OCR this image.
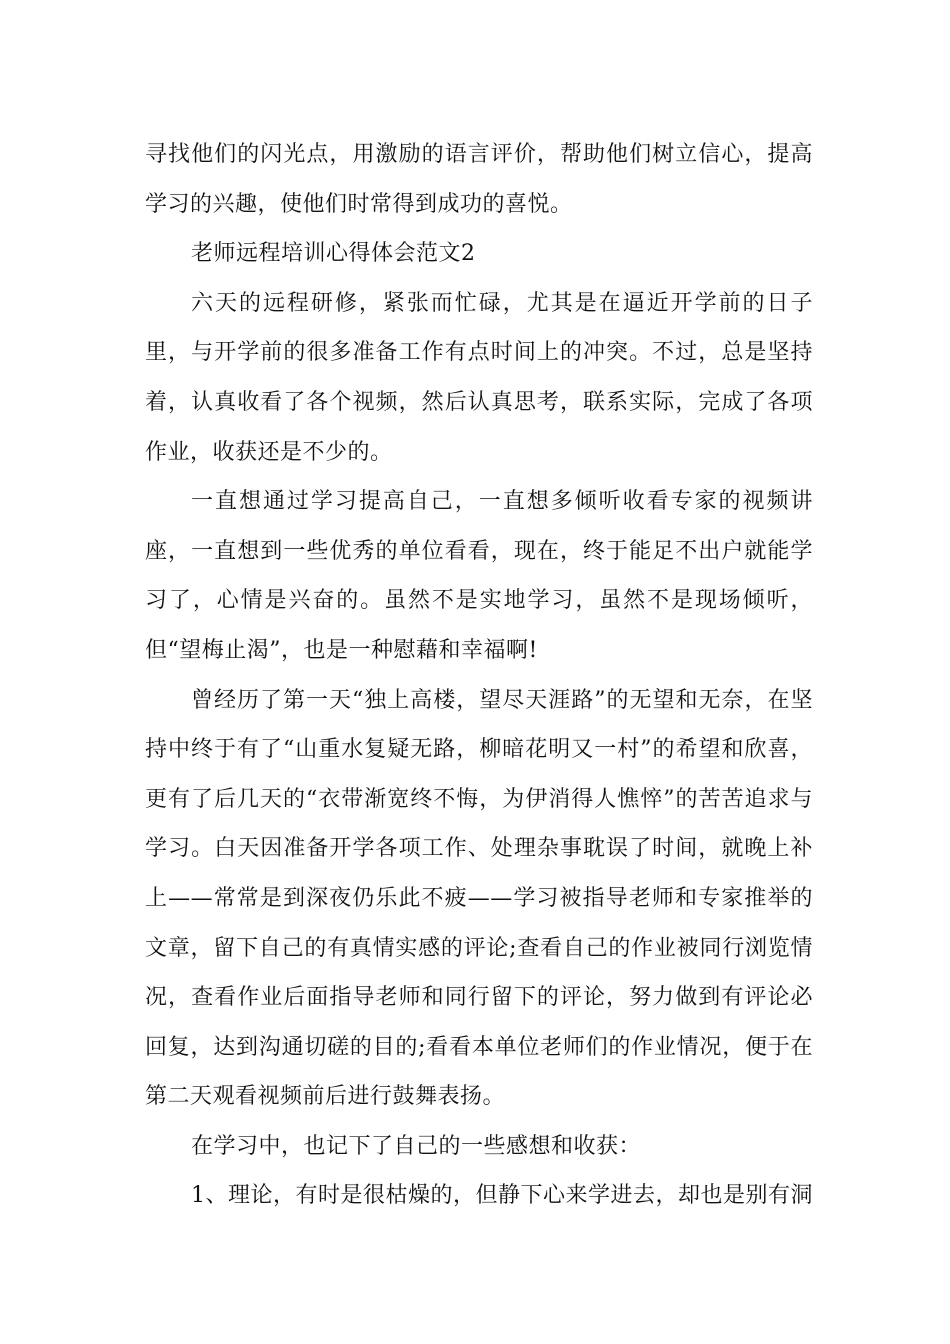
寻找他们的闪光点，用激励的语言评价，帮助他们树立信心，提高学习的兴趣，使他们时常得到成功的喜悦。

老师远程培训心得体会范文2

六天的远程研修，紧张而忙碌，尤其是在逼近开学前的日子里，与开学前的很多准备工作有点时间上的冲突。不过，总是坚持着，认真收看了各个视频，然后认真思考，联系实际，完成了各项作业，收获还是不少的。

一直想通过学习提高自己，一直想多倾听收看专家的视频讲座，一直想到一些优秀的单位看看，现在，终于能足不出户就能学习了，心情是兴奋的。虽然不是实地学习，虽然不是现场倾听，但“望梅止渴”，也是一种慰藉和幸福啊!

曾经历了第一天“独上高楼，望尽天涯路”的无望和无奈，在坚持中终于有了“山重水复疑无路，柳暗花明又一村”的希望和欣喜，更有了后几天的“衣带渐宽终不悔，为伊消得人憔悴”的苦苦追求与学习。白天因准备开学各项工作、处理杂事耽误了时间，就晚上补上——常常是到深夜仍乐此不疲——学习被指导老师和专家推举的文章，留下自己的有真情实感的评论;查看自己的作业被同行浏览情况，查看作业后面指导老师和同行留下的评论，努力做到有评论必回复，达到沟通切磋的目的;看看本单位老师们的作业情况，便于在第二天观看视频前后进行鼓舞表扬。

在学习中，也记下了自己的一些感想和收获：

1、理论，有时是很枯燥的，但静下心来学进去，却也是别有洞
